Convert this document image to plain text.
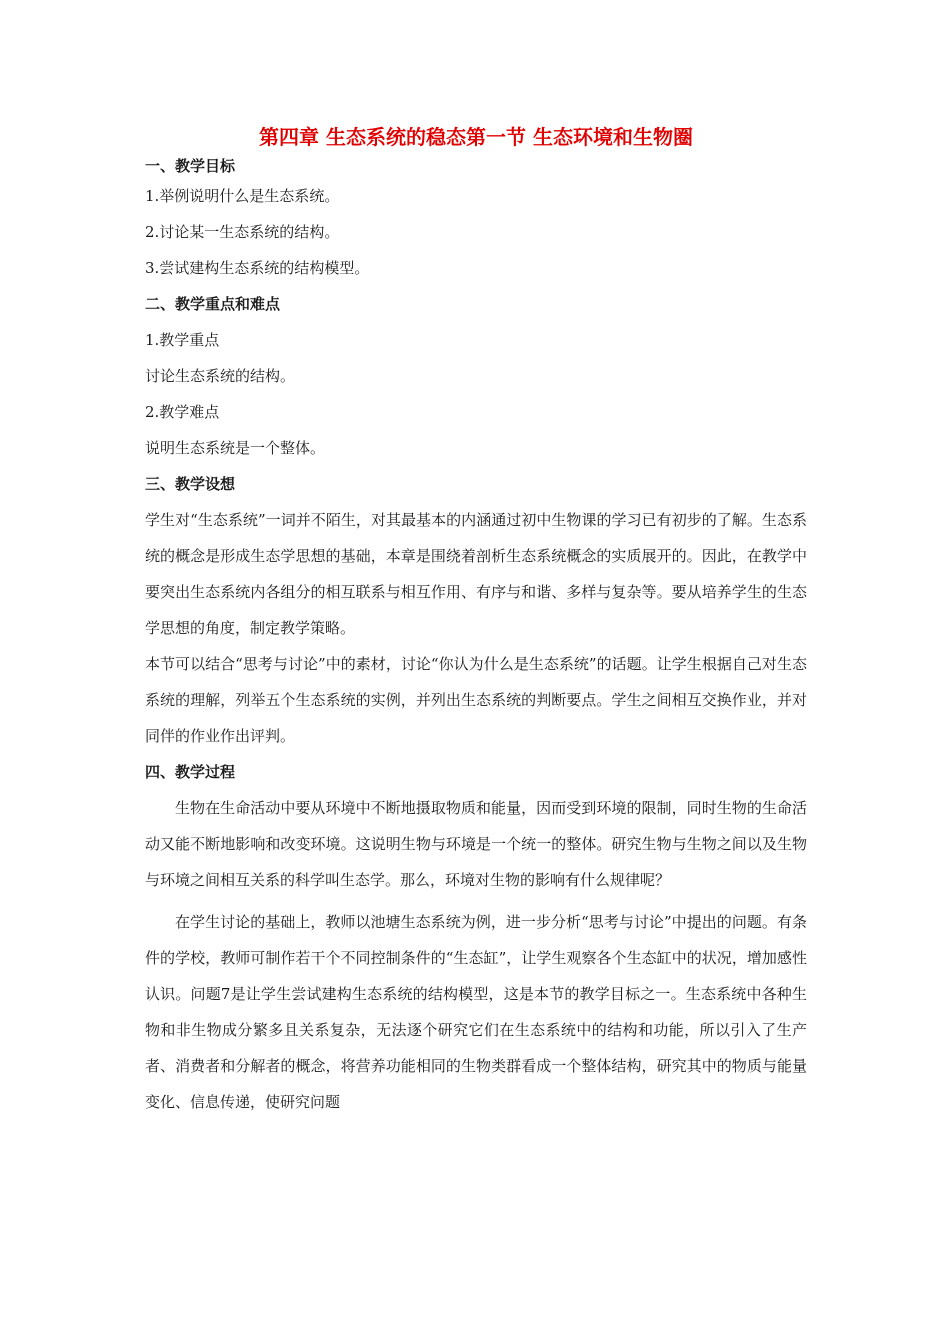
第四章 生态系统的稳态第一节 生态环境和生物圈
一、教学目标
1.举例说明什么是生态系统。
2.讨论某一生态系统的结构。
3.尝试建构生态系统的结构模型。
二、教学重点和难点
1.教学重点
讨论生态系统的结构。
2.教学难点
说明生态系统是一个整体。
三、教学设想

学生对“生态系统”一词并不陌生，对其最基本的内涵通过初中生物课的学习已有初步的了解。生态系统的概念是形成生态学思想的基础，本章是围绕着剖析生态系统概念的实质展开的。因此，在教学中要突出生态系统内各组分的相互联系与相互作用、有序与和谐、多样与复杂等。要从培养学生的生态学思想的角度，制定教学策略。

本节可以结合“思考与讨论”中的素材，讨论“你认为什么是生态系统”的话题。让学生根据自己对生态系统的理解，列举五个生态系统的实例，并列出生态系统的判断要点。学生之间相互交换作业，并对同伴的作业作出评判。

四、教学过程

生物在生命活动中要从环境中不断地摄取物质和能量，因而受到环境的限制，同时生物的生命活动又能不断地影响和改变环境。这说明生物与环境是一个统一的整体。研究生物与生物之间以及生物与环境之间相互关系的科学叫生态学。那么，环境对生物的影响有什么规律呢？

在学生讨论的基础上，教师以池塘生态系统为例，进一步分析“思考与讨论”中提出的问题。有条件的学校，教师可制作若干个不同控制条件的“生态缸”，让学生观察各个生态缸中的状况，增加感性认识。问题7是让学生尝试建构生态系统的结构模型，这是本节的教学目标之一。生态系统中各种生物和非生物成分繁多且关系复杂，无法逐个研究它们在生态系统中的结构和功能，所以引入了生产者、消费者和分解者的概念，将营养功能相同的生物类群看成一个整体结构，研究其中的物质与能量变化、信息传递，使研究问题
